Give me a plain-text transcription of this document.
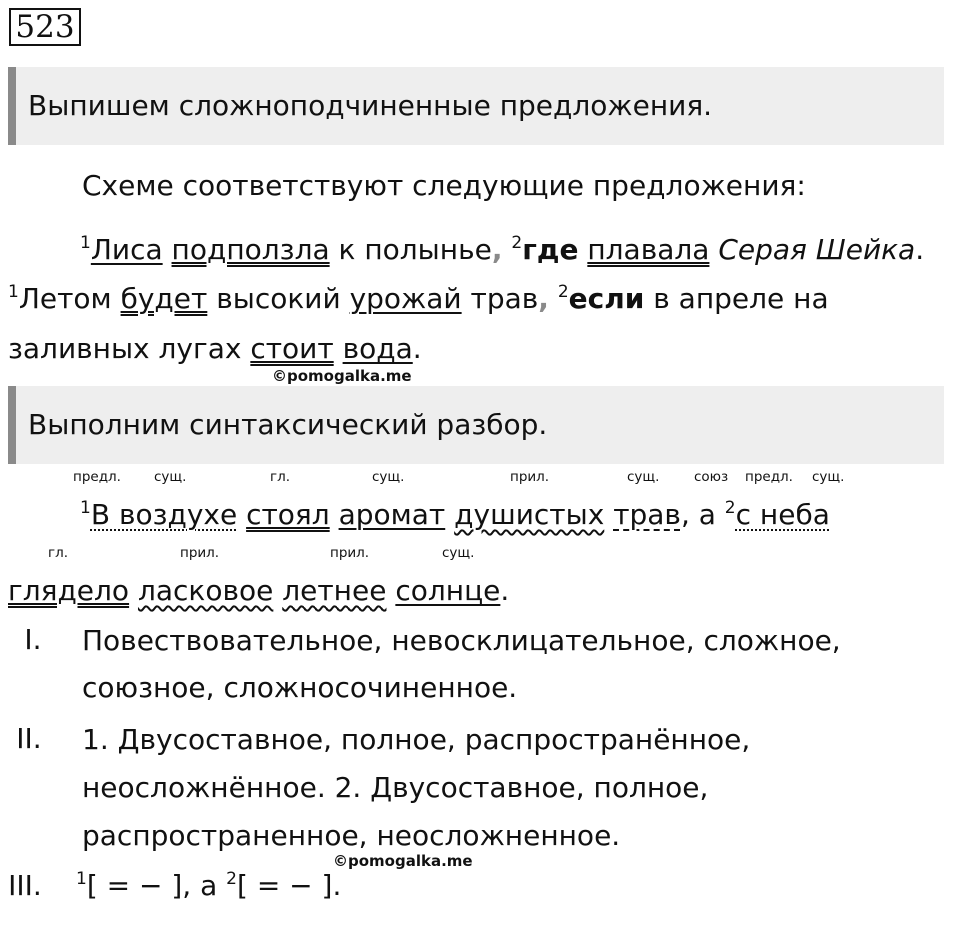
523
Выпишем сложноподчиненные предложения.
Схеме соответствуют следующие предложения:
$^1$Лиса подползла к полынье, $^2$где плавала Серая Шейка.
$^1$Летом будет высокий урожай трав, $^2$если в апреле на
заливных лугах стоит вода.
©pomogalka.me
Выполним синтаксический разбор.
предл. сущ.	гл.	сущ.	прил.	сущ.	союз предл. сущ.
$^1$В воздухе стоял аромат душистых трав, а $^2$с неба
гл.	прил.	прил.	сущ.
глядело ласковое летнее солнце.
I.	Повествовательное, невосклицательное, сложное,
союзное, сложносочиненное.
II.	1. Двусоставное, полное, распространённое,
неосложнённое. 2. Двусоставное, полное,
распространенное, неосложненное.
©pomogalka.me
III.	$^1$[ = − ], а $^2$[ = − ].
